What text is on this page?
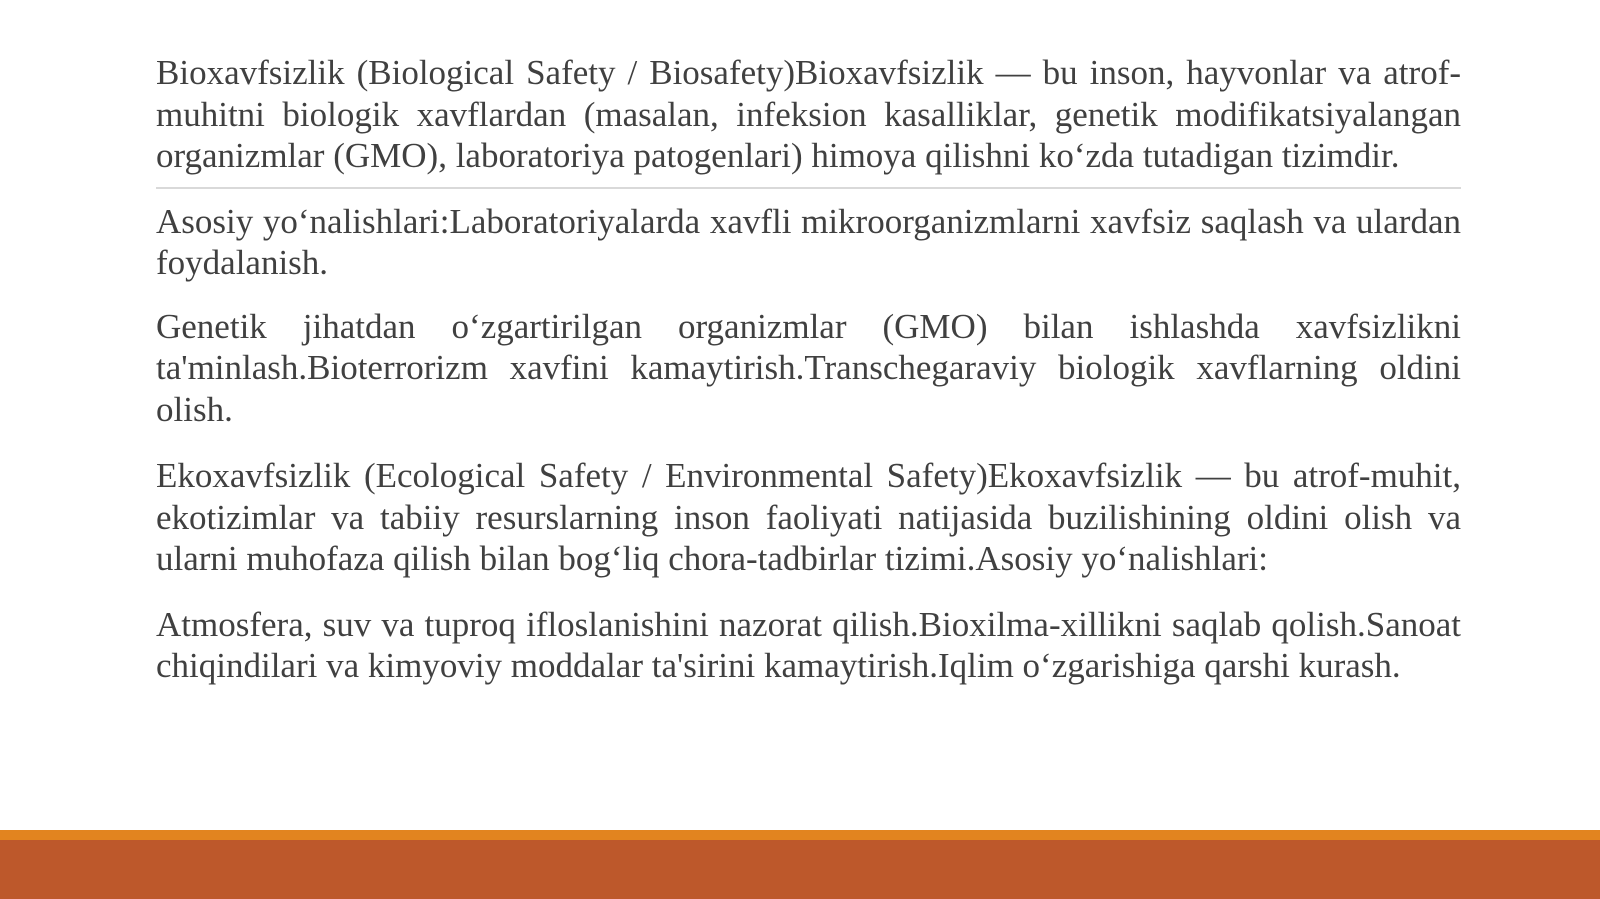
Bioxavfsizlik (Biological Safety / Biosafety)Bioxavfsizlik — bu inson, hayvonlar va atrof-muhitni biologik xavflardan (masalan, infeksion kasalliklar, genetik modifikatsiyalangan organizmlar (GMO), laboratoriya patogenlari) himoya qilishni ko‘zda tutadigan tizimdir.

Asosiy yo‘nalishlari:Laboratoriyalarda xavfli mikroorganizmlarni xavfsiz saqlash va ulardan foydalanish.

Genetik jihatdan o‘zgartirilgan organizmlar (GMO) bilan ishlashda xavfsizlikni ta'minlash.Bioterrorizm xavfini kamaytirish.Transchegaraviy biologik xavflarning oldini olish.

Ekoxavfsizlik (Ecological Safety / Environmental Safety)Ekoxavfsizlik — bu atrof-muhit, ekotizimlar va tabiiy resurslarning inson faoliyati natijasida buzilishining oldini olish va ularni muhofaza qilish bilan bog‘liq chora-tadbirlar tizimi.Asosiy yo‘nalishlari:

Atmosfera, suv va tuproq ifloslanishini nazorat qilish.Bioxilma-xillikni saqlab qolish.Sanoat chiqindilari va kimyoviy moddalar ta'sirini kamaytirish.Iqlim o‘zgarishiga qarshi kurash.
